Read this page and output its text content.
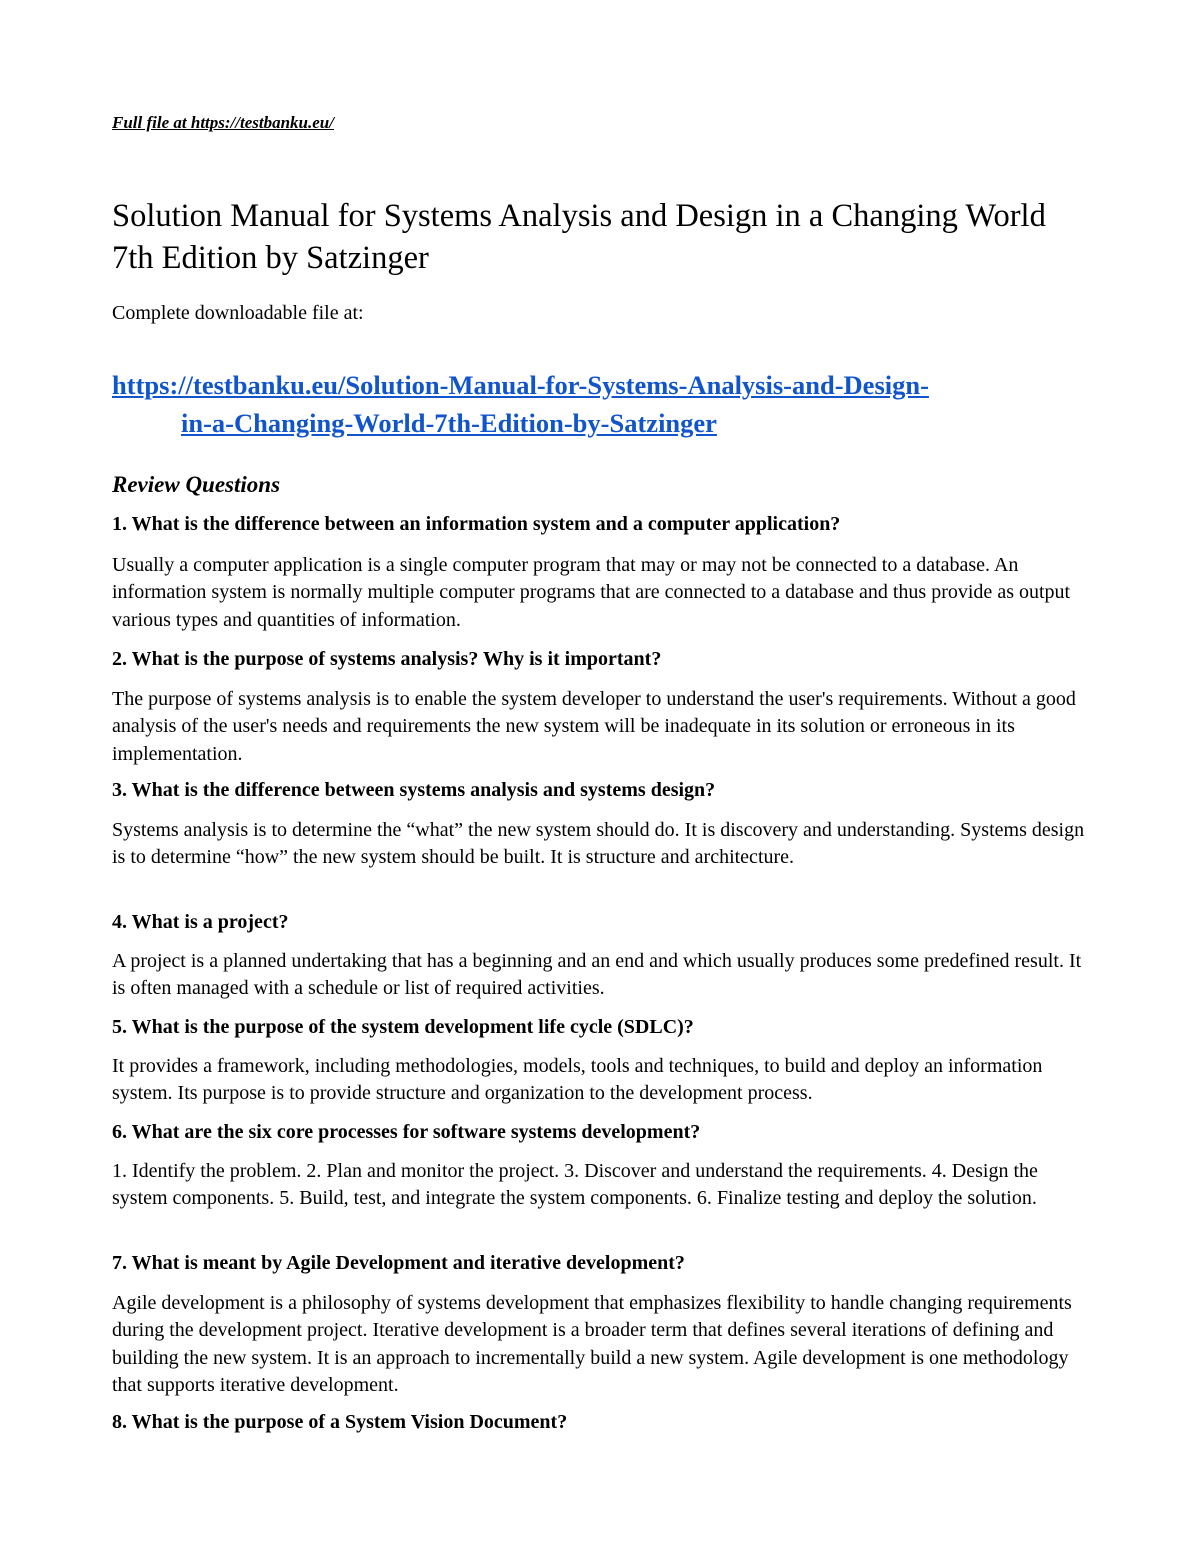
Full file at https://testbanku.eu/
Solution Manual for Systems Analysis and Design in a Changing World 7th Edition by Satzinger
Complete downloadable file at:
https://testbanku.eu/Solution-Manual-for-Systems-Analysis-and-Design-
in-a-Changing-World-7th-Edition-by-Satzinger
Review Questions

1. What is the difference between an information system and a computer application?

Usually a computer application is a single computer program that may or may not be connected to a database. An information system is normally multiple computer programs that are connected to a database and thus provide as output various types and quantities of information.

2. What is the purpose of systems analysis? Why is it important?

The purpose of systems analysis is to enable the system developer to understand the user's requirements. Without a good analysis of the user's needs and requirements the new system will be inadequate in its solution or erroneous in its implementation.

3. What is the difference between systems analysis and systems design?

Systems analysis is to determine the “what” the new system should do. It is discovery and understanding. Systems design is to determine “how” the new system should be built. It is structure and architecture.

4. What is a project?

A project is a planned undertaking that has a beginning and an end and which usually produces some predefined result. It is often managed with a schedule or list of required activities.

5. What is the purpose of the system development life cycle (SDLC)?

It provides a framework, including methodologies, models, tools and techniques, to build and deploy an information system. Its purpose is to provide structure and organization to the development process.

6. What are the six core processes for software systems development?

1. Identify the problem. 2. Plan and monitor the project. 3. Discover and understand the requirements. 4. Design the system components. 5. Build, test, and integrate the system components. 6. Finalize testing and deploy the solution.

7. What is meant by Agile Development and iterative development?

Agile development is a philosophy of systems development that emphasizes flexibility to handle changing requirements during the development project. Iterative development is a broader term that defines several iterations of defining and building the new system. It is an approach to incrementally build a new system. Agile development is one methodology that supports iterative development.

8. What is the purpose of a System Vision Document?
